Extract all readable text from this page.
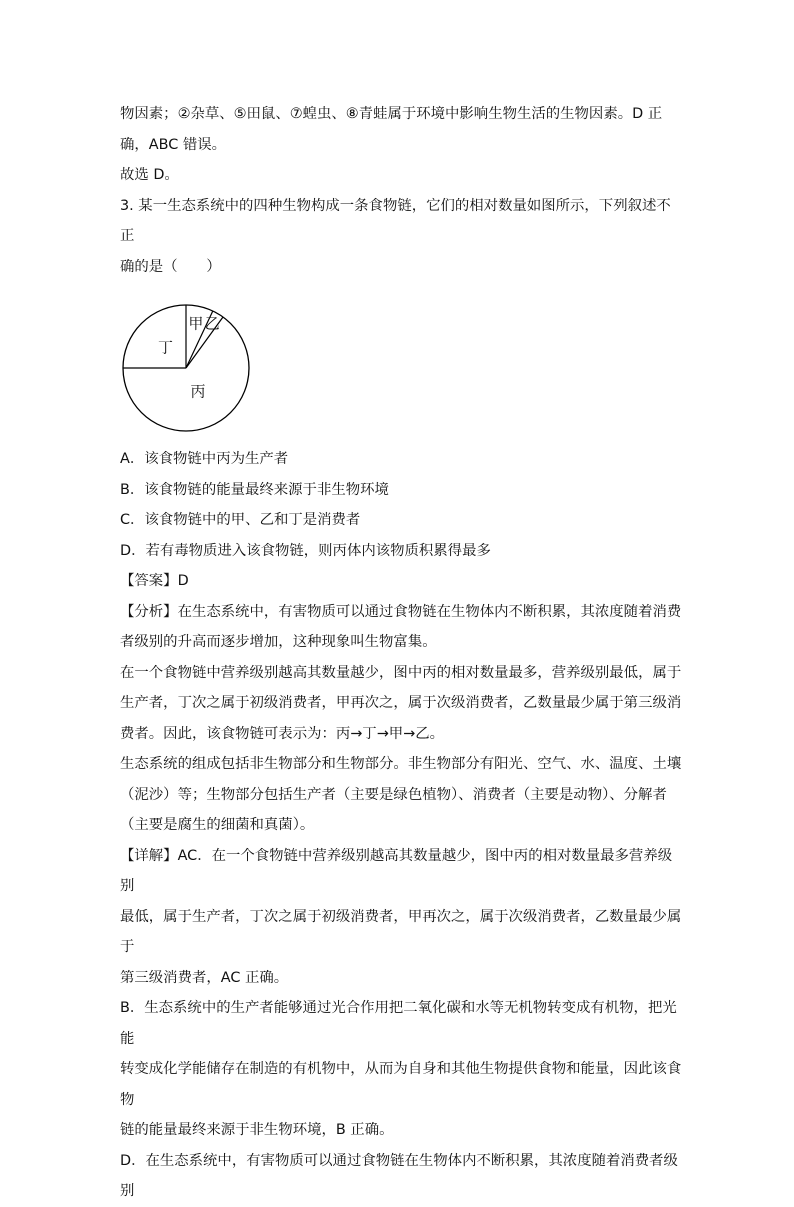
物因素；②杂草、⑤田鼠、⑦蝗虫、⑧青蛙属于环境中影响生物生活的生物因素。D 正

确，ABC 错误。

故选 D。

3. 某一生态系统中的四种生物构成一条食物链，它们的相对数量如图所示，下列叙述不正

确的是（　　）

丁
甲 乙
丙

A．该食物链中丙为生产者

B．该食物链的能量最终来源于非生物环境

C．该食物链中的甲、乙和丁是消费者

D．若有毒物质进入该食物链，则丙体内该物质积累得最多

【答案】D

【分析】在生态系统中，有害物质可以通过食物链在生物体内不断积累，其浓度随着消费

者级别的升高而逐步增加，这种现象叫生物富集。

在一个食物链中营养级别越高其数量越少，图中丙的相对数量最多，营养级别最低，属于

生产者，丁次之属于初级消费者，甲再次之，属于次级消费者，乙数量最少属于第三级消

费者。因此，该食物链可表示为：丙→丁→甲→乙。

生态系统的组成包括非生物部分和生物部分。非生物部分有阳光、空气、水、温度、土壤

（泥沙）等；生物部分包括生产者（主要是绿色植物）、消费者（主要是动物）、分解者

（主要是腐生的细菌和真菌）。

【详解】AC．在一个食物链中营养级别越高其数量越少，图中丙的相对数量最多营养级别

最低，属于生产者，丁次之属于初级消费者，甲再次之，属于次级消费者，乙数量最少属于

第三级消费者，AC 正确。

B．生态系统中的生产者能够通过光合作用把二氧化碳和水等无机物转变成有机物，把光能

转变成化学能储存在制造的有机物中，从而为自身和其他生物提供食物和能量，因此该食物

链的能量最终来源于非生物环境，B 正确。

D．在生态系统中，有害物质可以通过食物链在生物体内不断积累，其浓度随着消费者级别
